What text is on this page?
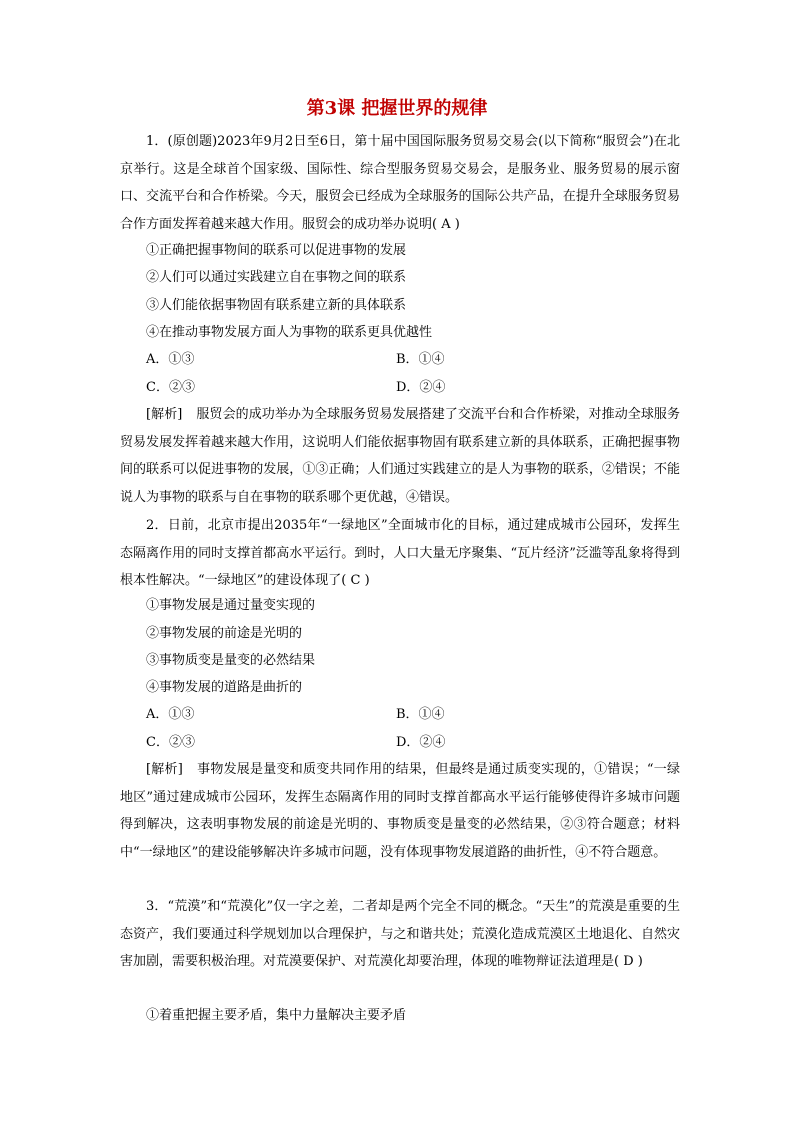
第3课 把握世界的规律

1．(原创题)2023年9月2日至6日，第十届中国国际服务贸易交易会(以下简称“服贸会”)在北京举行。这是全球首个国家级、国际性、综合型服务贸易交易会，是服务业、服务贸易的展示窗口、交流平台和合作桥梁。今天，服贸会已经成为全球服务的国际公共产品，在提升全球服务贸易合作方面发挥着越来越大作用。服贸会的成功举办说明( A )

①正确把握事物间的联系可以促进事物的发展
②人们可以通过实践建立自在事物之间的联系
③人们能依据事物固有联系建立新的具体联系
④在推动事物发展方面人为事物的联系更具优越性
A．①③	B．①④
C．②③	D．②④

[解析] 服贸会的成功举办为全球服务贸易发展搭建了交流平台和合作桥梁，对推动全球服务贸易发展发挥着越来越大作用，这说明人们能依据事物固有联系建立新的具体联系，正确把握事物间的联系可以促进事物的发展，①③正确；人们通过实践建立的是人为事物的联系，②错误；不能说人为事物的联系与自在事物的联系哪个更优越，④错误。

2．日前，北京市提出2035年“一绿地区”全面城市化的目标，通过建成城市公园环，发挥生态隔离作用的同时支撑首都高水平运行。到时，人口大量无序聚集、“瓦片经济”泛滥等乱象将得到根本性解决。“一绿地区”的建设体现了( C )

①事物发展是通过量变实现的
②事物发展的前途是光明的
③事物质变是量变的必然结果
④事物发展的道路是曲折的
A．①③	B．①④
C．②③	D．②④

[解析] 事物发展是量变和质变共同作用的结果，但最终是通过质变实现的，①错误；“一绿地区”通过建成城市公园环，发挥生态隔离作用的同时支撑首都高水平运行能够使得许多城市问题得到解决，这表明事物发展的前途是光明的、事物质变是量变的必然结果，②③符合题意；材料中“一绿地区”的建设能够解决许多城市问题，没有体现事物发展道路的曲折性，④不符合题意。

3．“荒漠”和“荒漠化”仅一字之差，二者却是两个完全不同的概念。“天生”的荒漠是重要的生态资产，我们要通过科学规划加以合理保护，与之和谐共处；荒漠化造成荒漠区土地退化、自然灾害加剧，需要积极治理。对荒漠要保护、对荒漠化却要治理，体现的唯物辩证法道理是( D )

①着重把握主要矛盾，集中力量解决主要矛盾
